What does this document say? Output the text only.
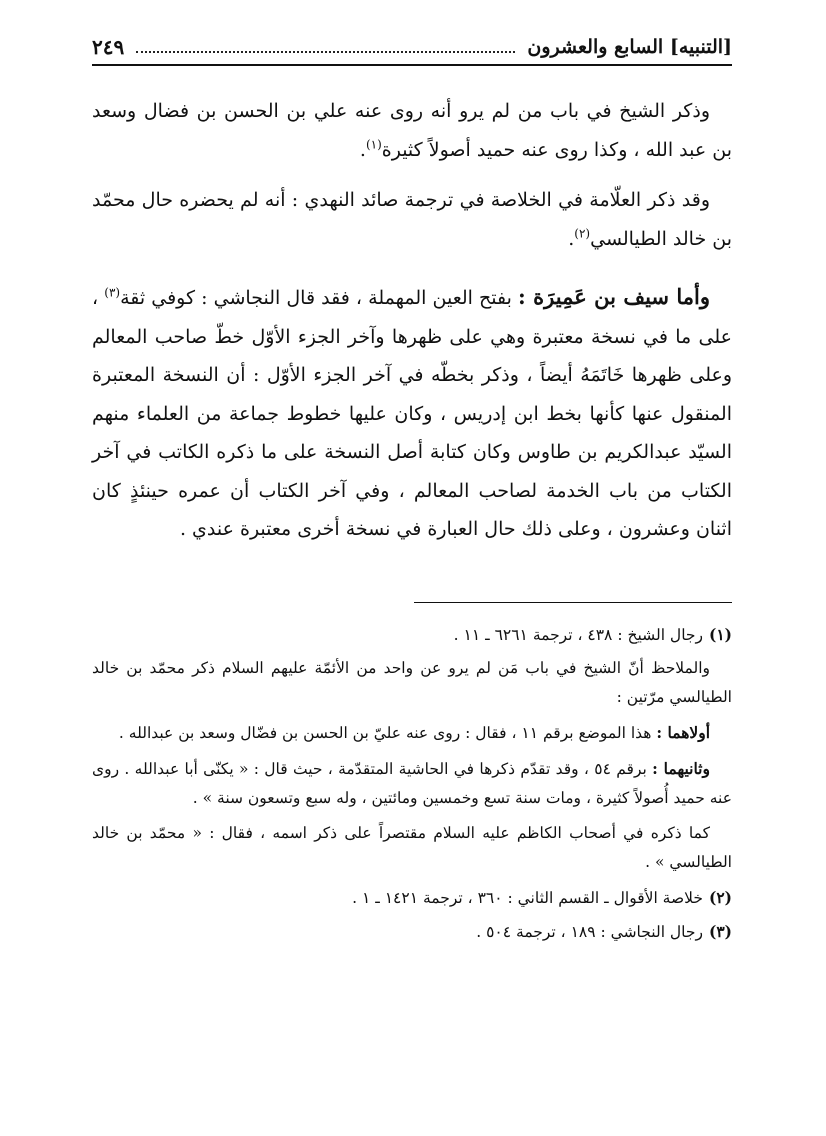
[التنبيه] السابع والعشرون
٢٤٩

وذكر الشيخ في باب من لم يرو أنه روى عنه علي بن الحسن بن فضال وسعد بن عبد الله ، وكذا روى عنه حميد أصولاً كثيرة$^{(١)}$.

وقد ذكر العلّامة في الخلاصة في ترجمة صائد النهدي : أنه لم يحضره حال محمّد بن خالد الطيالسي$^{(٢)}$.

وأما سيف بن عَمِيرَة : بفتح العين المهملة ، فقد قال النجاشي : كوفي ثقة$^{(٣)}$ ، على ما في نسخة معتبرة وهي على ظهرها وآخر الجزء الأوّل خطّ صاحب المعالم وعلى ظهرها خَاتَمَهُ أيضاً ، وذكر بخطّه في آخر الجزء الأوّل : أن النسخة المعتبرة المنقول عنها كأنها بخط ابن إدريس ، وكان عليها خطوط جماعة من العلماء منهم السيّد عبدالكريم بن طاوس وكان كتابة أصل النسخة على ما ذكره الكاتب في آخر الكتاب من باب الخدمة لصاحب المعالم ، وفي آخر الكتاب أن عمره حينئذٍ كان اثنان وعشرون ، وعلى ذلك حال العبارة في نسخة أخرى معتبرة عندي .

(١)رجال الشيخ : ٤٣٨ ، ترجمة ٦٢٦١ ـ ١١ .
والملاحظ أنّ الشيخ في باب مَن لم يرو عن واحد من الأئمّة عليهم السلام ذكر محمّد بن خالد الطيالسي مرّتين :
أولاهما : هذا الموضع برقم ١١ ، فقال : روى عنه عليّ بن الحسن بن فضّال وسعد بن عبدالله .
وثانيهما : برقم ٥٤ ، وقد تقدّم ذكرها في الحاشية المتقدّمة ، حيث قال : « يكنّى أبا عبدالله . روى عنه حميد أُصولاً كثيرة ، ومات سنة تسع وخمسين ومائتين ، وله سبع وتسعون سنة » .
كما ذكره في أصحاب الكاظم عليه السلام مقتصراً على ذكر اسمه ، فقال : « محمّد بن خالد الطيالسي » .
(٢)خلاصة الأقوال ـ القسم الثاني : ٣٦٠ ، ترجمة ١٤٢١ ـ ١ .
(٣)رجال النجاشي : ١٨٩ ، ترجمة ٥٠٤ .
